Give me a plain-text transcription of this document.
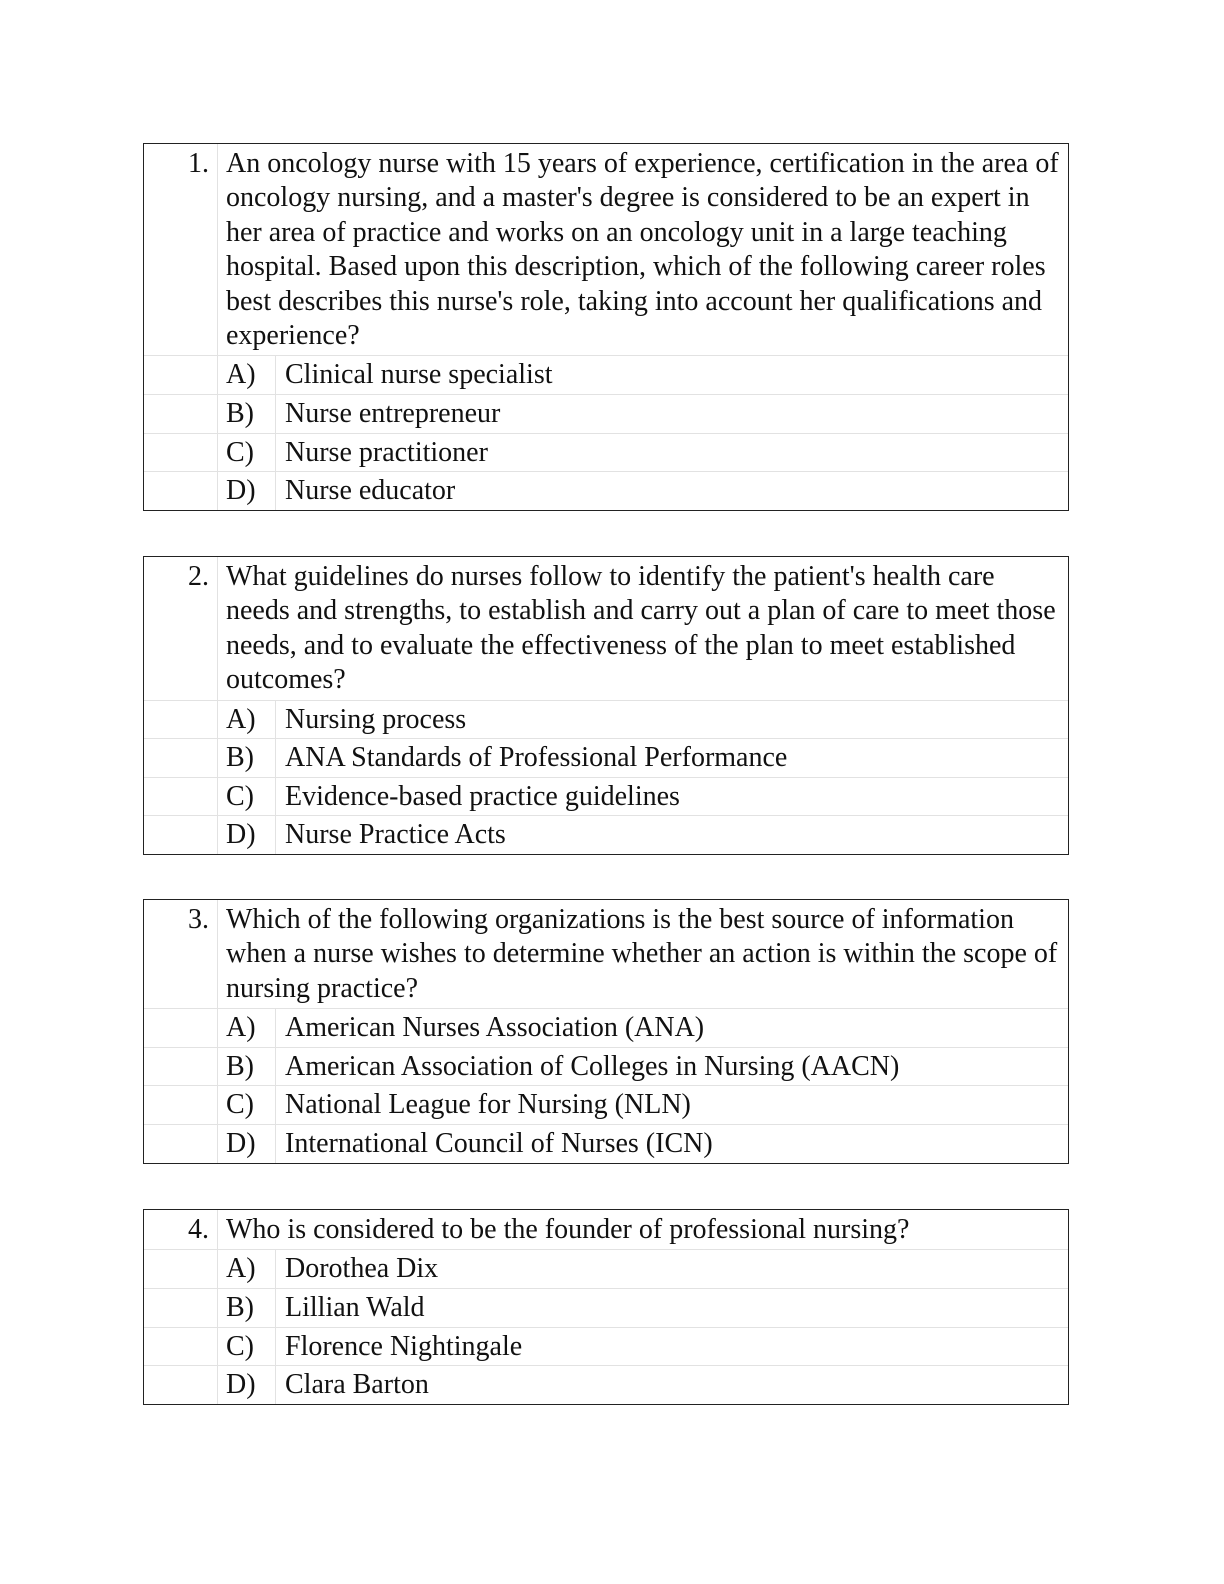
1. An oncology nurse with 15 years of experience, certification in the area of oncology nursing, and a master's degree is considered to be an expert in her area of practice and works on an oncology unit in a large teaching hospital. Based upon this description, which of the following career roles best describes this nurse's role, taking into account her qualifications and experience?
A)	Clinical nurse specialist
B)	Nurse entrepreneur
C)	Nurse practitioner
D)	Nurse educator
2. What guidelines do nurses follow to identify the patient's health care needs and strengths, to establish and carry out a plan of care to meet those needs, and to evaluate the effectiveness of the plan to meet established outcomes?
A)	Nursing process
B)	ANA Standards of Professional Performance
C)	Evidence-based practice guidelines
D)	Nurse Practice Acts
3. Which of the following organizations is the best source of information when a nurse wishes to determine whether an action is within the scope of nursing practice?
A)	American Nurses Association (ANA)
B)	American Association of Colleges in Nursing (AACN)
C)	National League for Nursing (NLN)
D)	International Council of Nurses (ICN)
4. Who is considered to be the founder of professional nursing?
A)	Dorothea Dix
B)	Lillian Wald
C)	Florence Nightingale
D)	Clara Barton
